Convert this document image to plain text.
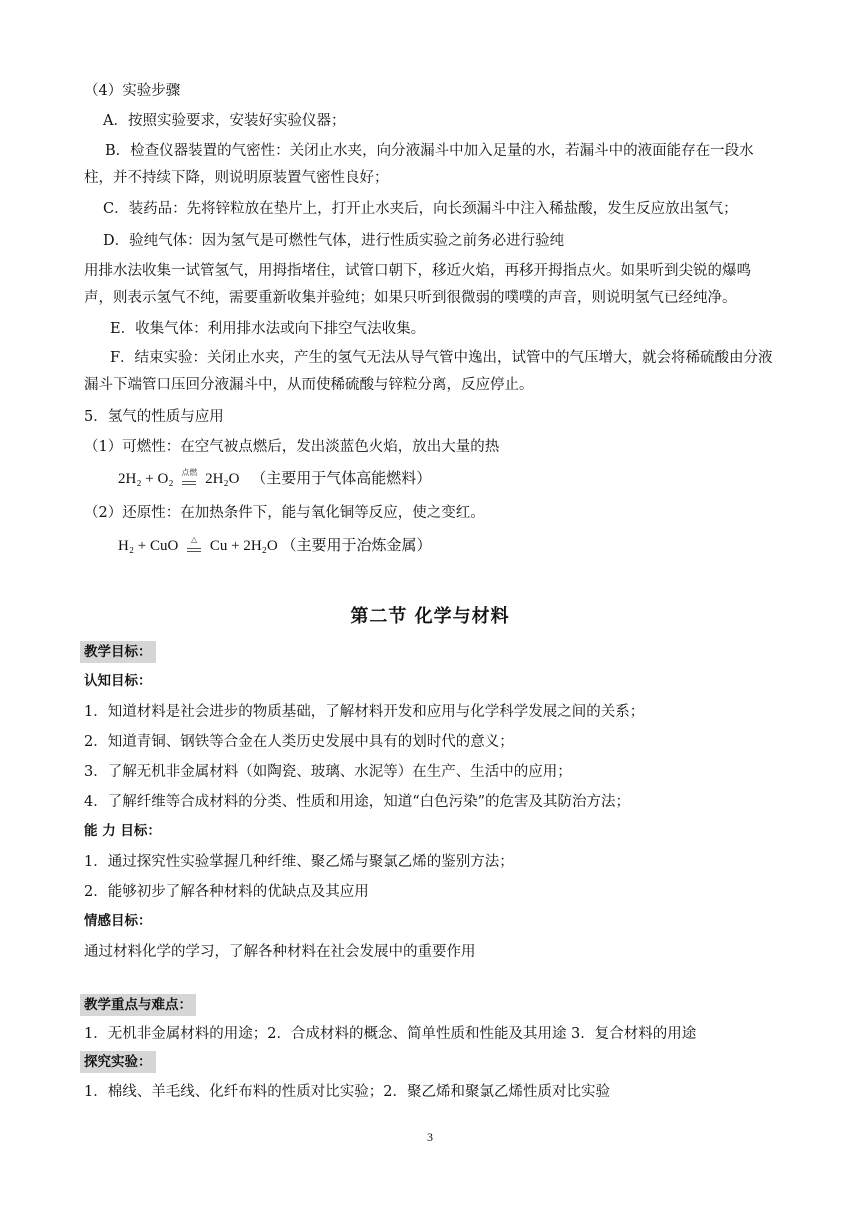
（4）实验步骤
A．按照实验要求，安装好实验仪器；
B．检查仪器装置的气密性：关闭止水夹，向分液漏斗中加入足量的水，若漏斗中的液面能存在一段水柱，并不持续下降，则说明原装置气密性良好；
C．装药品：先将锌粒放在垫片上，打开止水夹后，向长颈漏斗中注入稀盐酸，发生反应放出氢气；
D．验纯气体：因为氢气是可燃性气体，进行性质实验之前务必进行验纯
用排水法收集一试管氢气，用拇指堵住，试管口朝下，移近火焰，再移开拇指点火。如果听到尖锐的爆鸣声，则表示氢气不纯，需要重新收集并验纯；如果只听到很微弱的噗噗的声音，则说明氢气已经纯净。
E．收集气体：利用排水法或向下排空气法收集。
F．结束实验：关闭止水夹，产生的氢气无法从导气管中逸出，试管中的气压增大，就会将稀硫酸由分液漏斗下端管口压回分液漏斗中，从而使稀硫酸与锌粒分离，反应停止。
5．氢气的性质与应用
（1）可燃性：在空气被点燃后，发出淡蓝色火焰，放出大量的热
2H₂ + O₂ 点燃 2H₂O （主要用于气体高能燃料）
（2）还原性：在加热条件下，能与氧化铜等反应，使之变红。
H₂ + CuO	△ Cu + 2H₂O （主要用于冶炼金属）
第二节 化学与材料
教学目标：
认知目标：
1．知道材料是社会进步的物质基础，了解材料开发和应用与化学科学发展之间的关系；
2．知道青铜、钢铁等合金在人类历史发展中具有的划时代的意义；
3．了解无机非金属材料（如陶瓷、玻璃、水泥等）在生产、生活中的应用；
4．了解纤维等合成材料的分类、性质和用途，知道“白色污染”的危害及其防治方法；
能 力 目标：
1．通过探究性实验掌握几种纤维、聚乙烯与聚氯乙烯的鉴别方法；
2．能够初步了解各种材料的优缺点及其应用
情感目标：
通过材料化学的学习，了解各种材料在社会发展中的重要作用
教学重点与难点：
1．无机非金属材料的用途；2．合成材料的概念、简单性质和性能及其用途 3．复合材料的用途
探究实验：
1．棉线、羊毛线、化纤布料的性质对比实验；2．聚乙烯和聚氯乙烯性质对比实验
3
